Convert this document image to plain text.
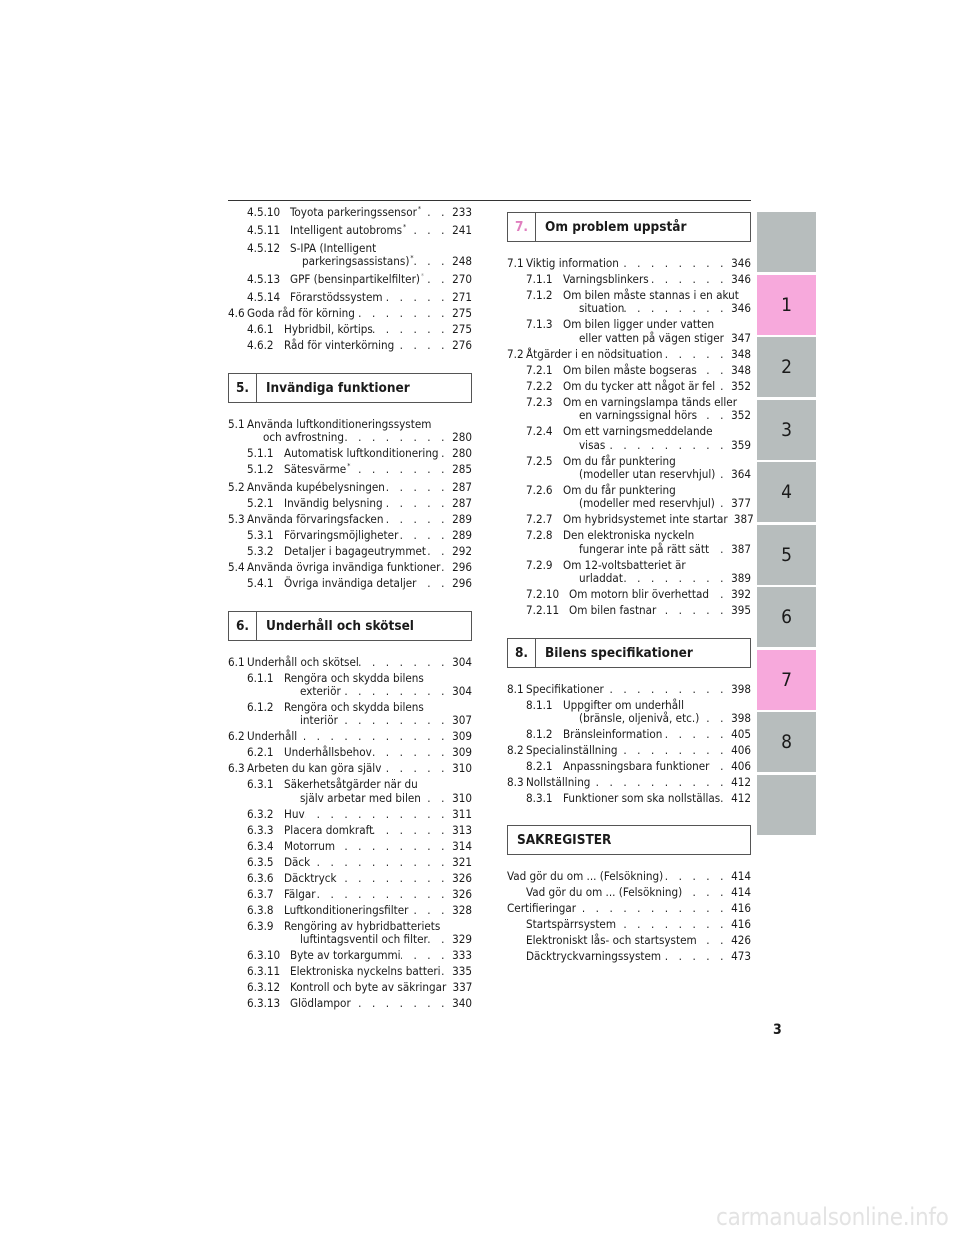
4.5.10 Toyota parkeringssensor * . . .	233
4.5.11 Intelligent autobroms * . . .	241
4.5.12 S-IPA (Intelligent
parkeringsassistans) * . . .	248
4.5.13 GPF (bensinpartikelfilter) * . . . 270
4.5.14 Förarstödssystem . . .	271
4.6 Goda råd för körning . . .	275
4.6.1 Hybridbil, körtips . . .	275
4.6.2 Råd för vinterkörning . . .	276
5.	Invändiga funktioner
5.1 Använda luftkonditioneringssystem
och avfrostning . . .	280
5.1.1 Automatisk luftkonditionering . . . 280
5.1.2 Sätesvärme * . . .	285
5.2 Använda kupébelysningen . . .	287
5.2.1 Invändig belysning . . .	287
5.3 Använda förvaringsfacken . . .	289
5.3.1 Förvaringsmöjligheter . . .	289
5.3.2 Detaljer i bagageutrymmet . . . 292
5.4 Använda övriga invändiga funktioner . . . 296
5.4.1 Övriga invändiga detaljer . . .	296
6.	Underhåll och skötsel
6.1 Underhåll och skötsel . . .	304
6.1.1 Rengöra och skydda bilens
exteriör . . .	304
6.1.2 Rengöra och skydda bilens
interiör . . .	307
6.2 Underhåll . . .	309
6.2.1 Underhållsbehov . . .	309
6.3 Arbeten du kan göra själv . . .	310
6.3.1 Säkerhetsåtgärder när du
själv arbetar med bilen . . .	310
6.3.2 Huv . . .	311
6.3.3 Placera domkraft . . .	313
6.3.4 Motorrum . . .	314
6.3.5 Däck . . .	321
6.3.6 Däcktryck . . .	326
6.3.7 Fälgar . . .	326
6.3.8 Luftkonditioneringsfilter . . .	328
6.3.9 Rengöring av hybridbatteriets
luftintagsventil och filter . . . 329
6.3.10 Byte av torkargummi . . .	333
6.3.11 Elektroniska nyckelns batteri . . . 335
6.3.12 Kontroll och byte av säkringar . . . 337
6.3.13 Glödlampor . . .	340
7.	Om problem uppstår
7.1 Viktig information . . .	346
7.1.1 Varningsblinkers . . .	346
7.1.2 Om bilen måste stannas i en akut
situation . . .	346
7.1.3 Om bilen ligger under vatten
eller vatten på vägen stiger . . . 347
7.2 Åtgärder i en nödsituation . . .	348
7.2.1 Om bilen måste bogseras . . .	348
7.2.2 Om du tycker att något är fel . . . 352
7.2.3 Om en varningslampa tänds eller
en varningssignal hörs . . .	352
7.2.4 Om ett varningsmeddelande
visas . . .	359
7.2.5 Om du får punktering
(modeller utan reservhjul) . . . 364
7.2.6 Om du får punktering
(modeller med reservhjul) . . . 377
7.2.7 Om hybridsystemet inte startar . . . 387
7.2.8 Den elektroniska nyckeln
fungerar inte på rätt sätt . . . 387
7.2.9 Om 12-voltsbatteriet är
urladdat . . .	389
7.2.10 Om motorn blir överhettad . . . 392
7.2.11 Om bilen fastnar . . .	395
8.	Bilens specifikationer
8.1 Specifikationer . . .	398
8.1.1 Uppgifter om underhåll
(bränsle, oljenivå, etc.) . . .	398
8.1.2 Bränsleinformation . . .	405
8.2 Specialinställning . . .	406
8.2.1 Anpassningsbara funktioner . . . 406
8.3 Nollställning . . .	412
8.3.1 Funktioner som ska nollställas . . . 412
SAKREGISTER
Vad gör du om ... (Felsökning) . . .	414
Vad gör du om ... (Felsökning) . . .	414
Certifieringar . . .	416
Startspärrsystem . . .	416
Elektroniskt lås- och startsystem . . .	426
Däcktryckvarningssystem . . .	473
1
2
3
4
5
6
7
8
3
carmanualsonline.info
